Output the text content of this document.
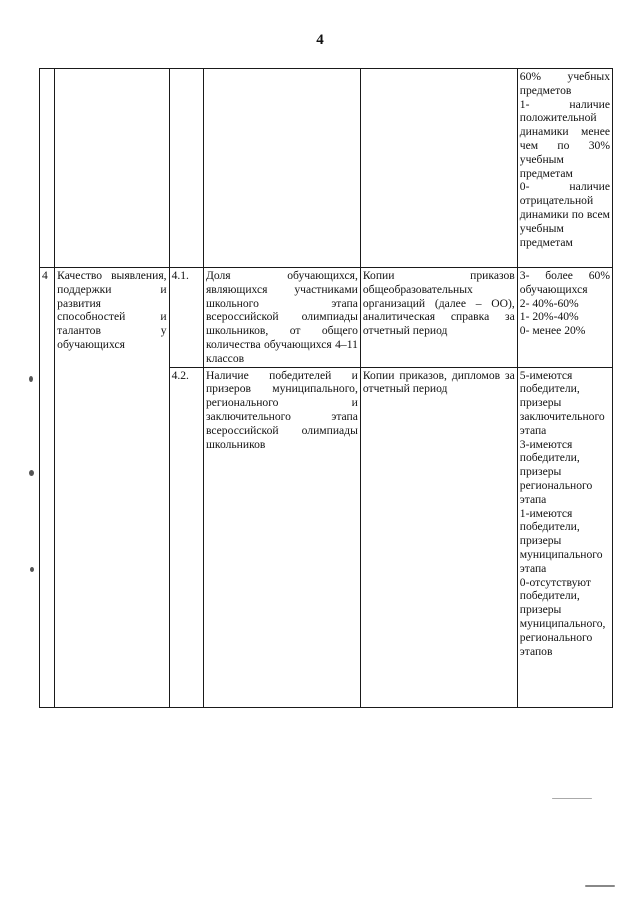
4
					60% учебных предметов
1- наличие положительной динамики менее чем по 30% учебным предметам
0- наличие отрицательной динамики по всем учебным предметам
4	Качество выявления, поддержки и развития способностей и талантов у обучающихся	4.1.	Доля обучающихся, являющихся участниками школьного этапа всероссийской олимпиады школьников, от общего количества обучающихся 4–11 классов	Копии приказов общеобразовательных организаций (далее – ОО), аналитическая справка за отчетный период	3- более 60% обучающихся
2- 40%-60%
1- 20%-40%
0- менее 20%
		4.2.	Наличие победителей и призеров муниципального, регионального и заключительного этапа всероссийской олимпиады школьников	Копии приказов, дипломов за отчетный период	5-имеются победители, призеры заключительного этапа
3-имеются победители, призеры регионального этапа
1-имеются победители, призеры муниципального этапа
0-отсутствуют победители, призеры муниципального, регионального этапов
